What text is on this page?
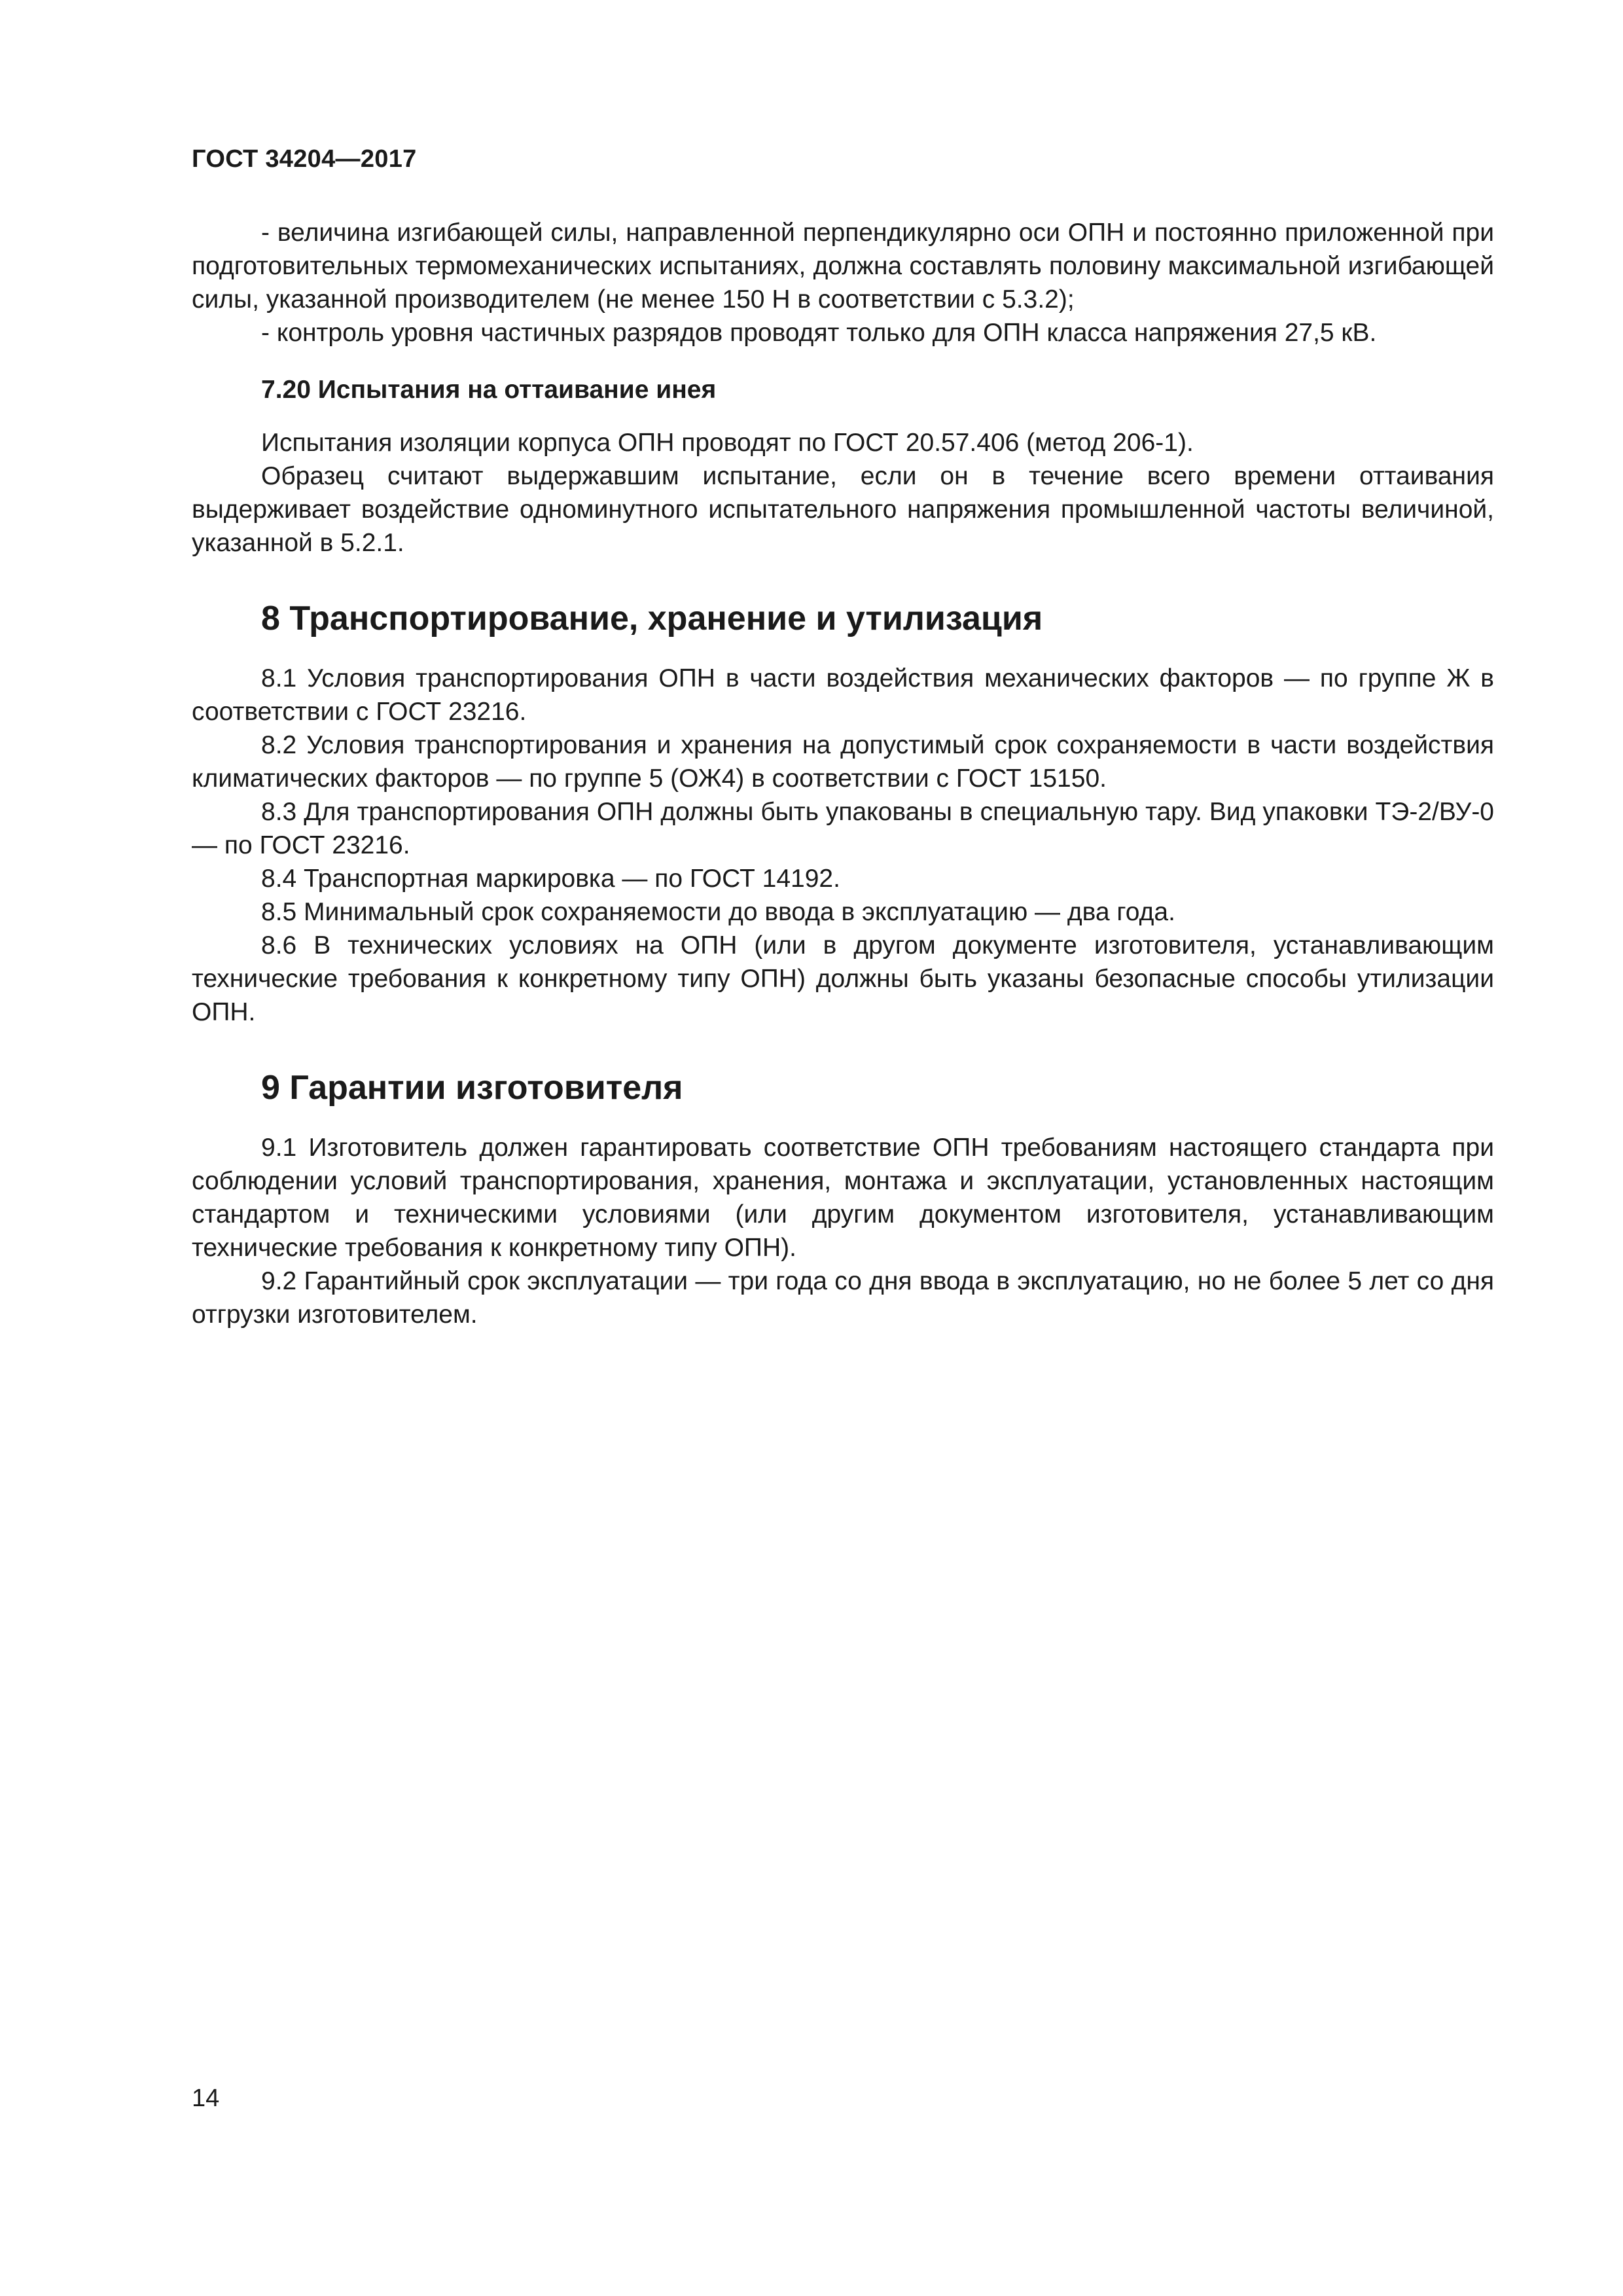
ГОСТ 34204—2017

- величина изгибающей силы, направленной перпендикулярно оси ОПН и постоянно приложенной при подготовительных термомеханических испытаниях, должна составлять половину максимальной изгибающей силы, указанной производителем (не менее 150 Н в соответствии с 5.3.2);

- контроль уровня частичных разрядов проводят только для ОПН класса напряжения 27,5 кВ.

7.20 Испытания на оттаивание инея

Испытания изоляции корпуса ОПН проводят по ГОСТ 20.57.406 (метод 206-1).

Образец считают выдержавшим испытание, если он в течение всего времени оттаивания выдерживает воздействие одноминутного испытательного напряжения промышленной частоты величиной, указанной в 5.2.1.

8 Транспортирование, хранение и утилизация

8.1 Условия транспортирования ОПН в части воздействия механических факторов — по группе Ж в соответствии с ГОСТ 23216.

8.2 Условия транспортирования и хранения на допустимый срок сохраняемости в части воздействия климатических факторов — по группе 5 (ОЖ4) в соответствии с ГОСТ 15150.

8.3 Для транспортирования ОПН должны быть упакованы в специальную тару. Вид упаковки ТЭ-2/ВУ-0 — по ГОСТ 23216.

8.4 Транспортная маркировка — по ГОСТ 14192.

8.5 Минимальный срок сохраняемости до ввода в эксплуатацию — два года.

8.6 В технических условиях на ОПН (или в другом документе изготовителя, устанавливающим технические требования к конкретному типу ОПН) должны быть указаны безопасные способы утилизации ОПН.

9 Гарантии изготовителя

9.1 Изготовитель должен гарантировать соответствие ОПН требованиям настоящего стандарта при соблюдении условий транспортирования, хранения, монтажа и эксплуатации, установленных настоящим стандартом и техническими условиями (или другим документом изготовителя, устанавливающим технические требования к конкретному типу ОПН).

9.2 Гарантийный срок эксплуатации — три года со дня ввода в эксплуатацию, но не более 5 лет со дня отгрузки изготовителем.

14
